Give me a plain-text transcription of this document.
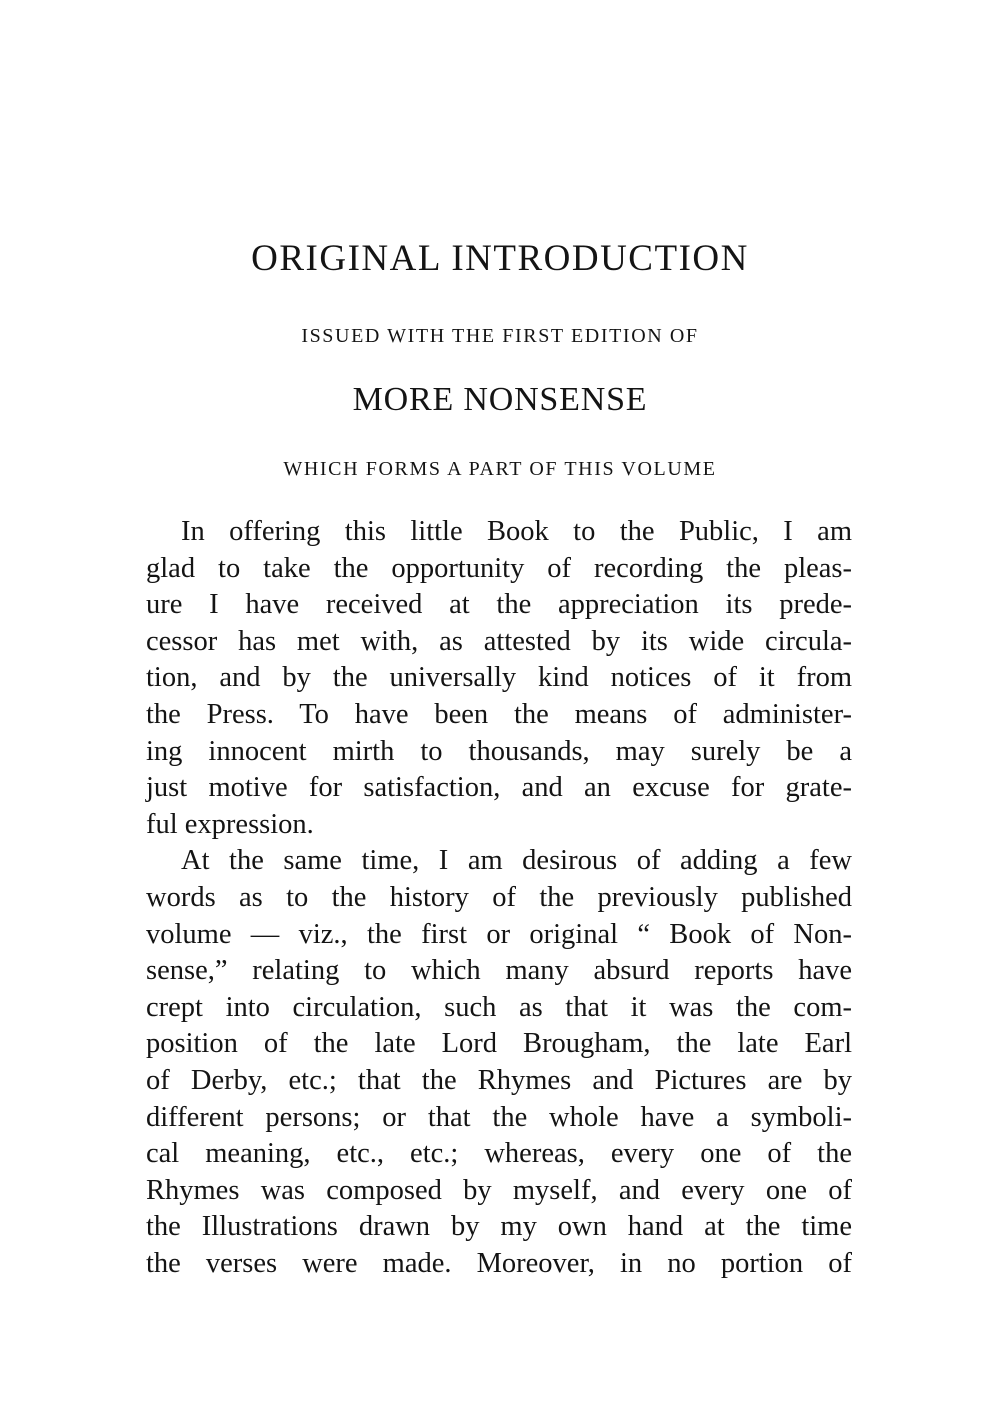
ORIGINAL INTRODUCTION
ISSUED WITH THE FIRST EDITION OF
MORE NONSENSE
WHICH FORMS A PART OF THIS VOLUME
In offering this little Book to the Public, I am
glad to take the opportunity of recording the pleas-
ure I have received at the appreciation its prede-
cessor has met with, as attested by its wide circula-
tion, and by the universally kind notices of it from
the Press. To have been the means of administer-
ing innocent mirth to thousands, may surely be a
just motive for satisfaction, and an excuse for grate-
ful expression.
At the same time, I am desirous of adding a few
words as to the history of the previously published
volume — viz., the first or original “ Book of Non-
sense,” relating to which many absurd reports have
crept into circulation, such as that it was the com-
position of the late Lord Brougham, the late Earl
of Derby, etc.; that the Rhymes and Pictures are by
different persons; or that the whole have a symboli-
cal meaning, etc., etc.; whereas, every one of the
Rhymes was composed by myself, and every one of
the Illustrations drawn by my own hand at the time
the verses were made. Moreover, in no portion of
